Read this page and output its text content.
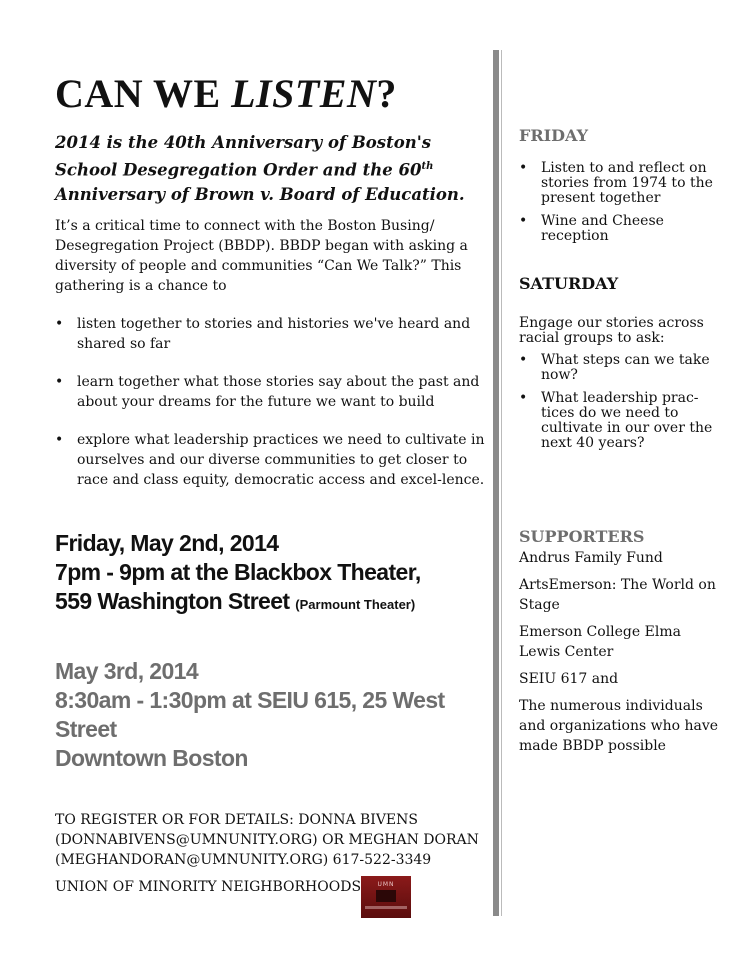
CAN WE LISTEN?

2014 is the 40th Anniversary of Boston's School Desegregation Order and the 60th Anniversary of Brown v. Board of Education.

It’s a critical time to connect with the Boston Busing/ Desegregation Project (BBDP). BBDP began with asking a diversity of people and communities “Can We Talk?” This gathering is a chance to

• listen together to stories and histories we've heard and shared so far
• learn together what those stories say about the past and about your dreams for the future we want to build
• explore what leadership practices we need to cultivate in ourselves and our diverse communities to get closer to race and class equity, democratic access and excel-lence.
Friday, May 2nd, 2014
7pm - 9pm at the Blackbox Theater,
559 Washington Street (Parmount Theater)
May 3rd, 2014
8:30am - 1:30pm at SEIU 615, 25 West Street
Downtown Boston

TO REGISTER OR FOR DETAILS: DONNA BIVENS (DONNABIVENS@UMNUNITY.ORG) OR MEGHAN DORAN (MEGHANDORAN@UMNUNITY.ORG) 617-522-3349

UNION OF MINORITY NEIGHBORHOODS	UMN
FRIDAY
• Listen to and reflect on stories from 1974 to the present together
• Wine and Cheese reception
SATURDAY

Engage our stories across racial groups to ask:

• What steps can we take now?
• What leadership prac-tices do we need to cultivate in our over the next 40 years?
SUPPORTERS
Andrus Family Fund
ArtsEmerson: The World on Stage
Emerson College Elma Lewis Center
SEIU 617 and
The numerous individuals and organizations who have made BBDP possible
